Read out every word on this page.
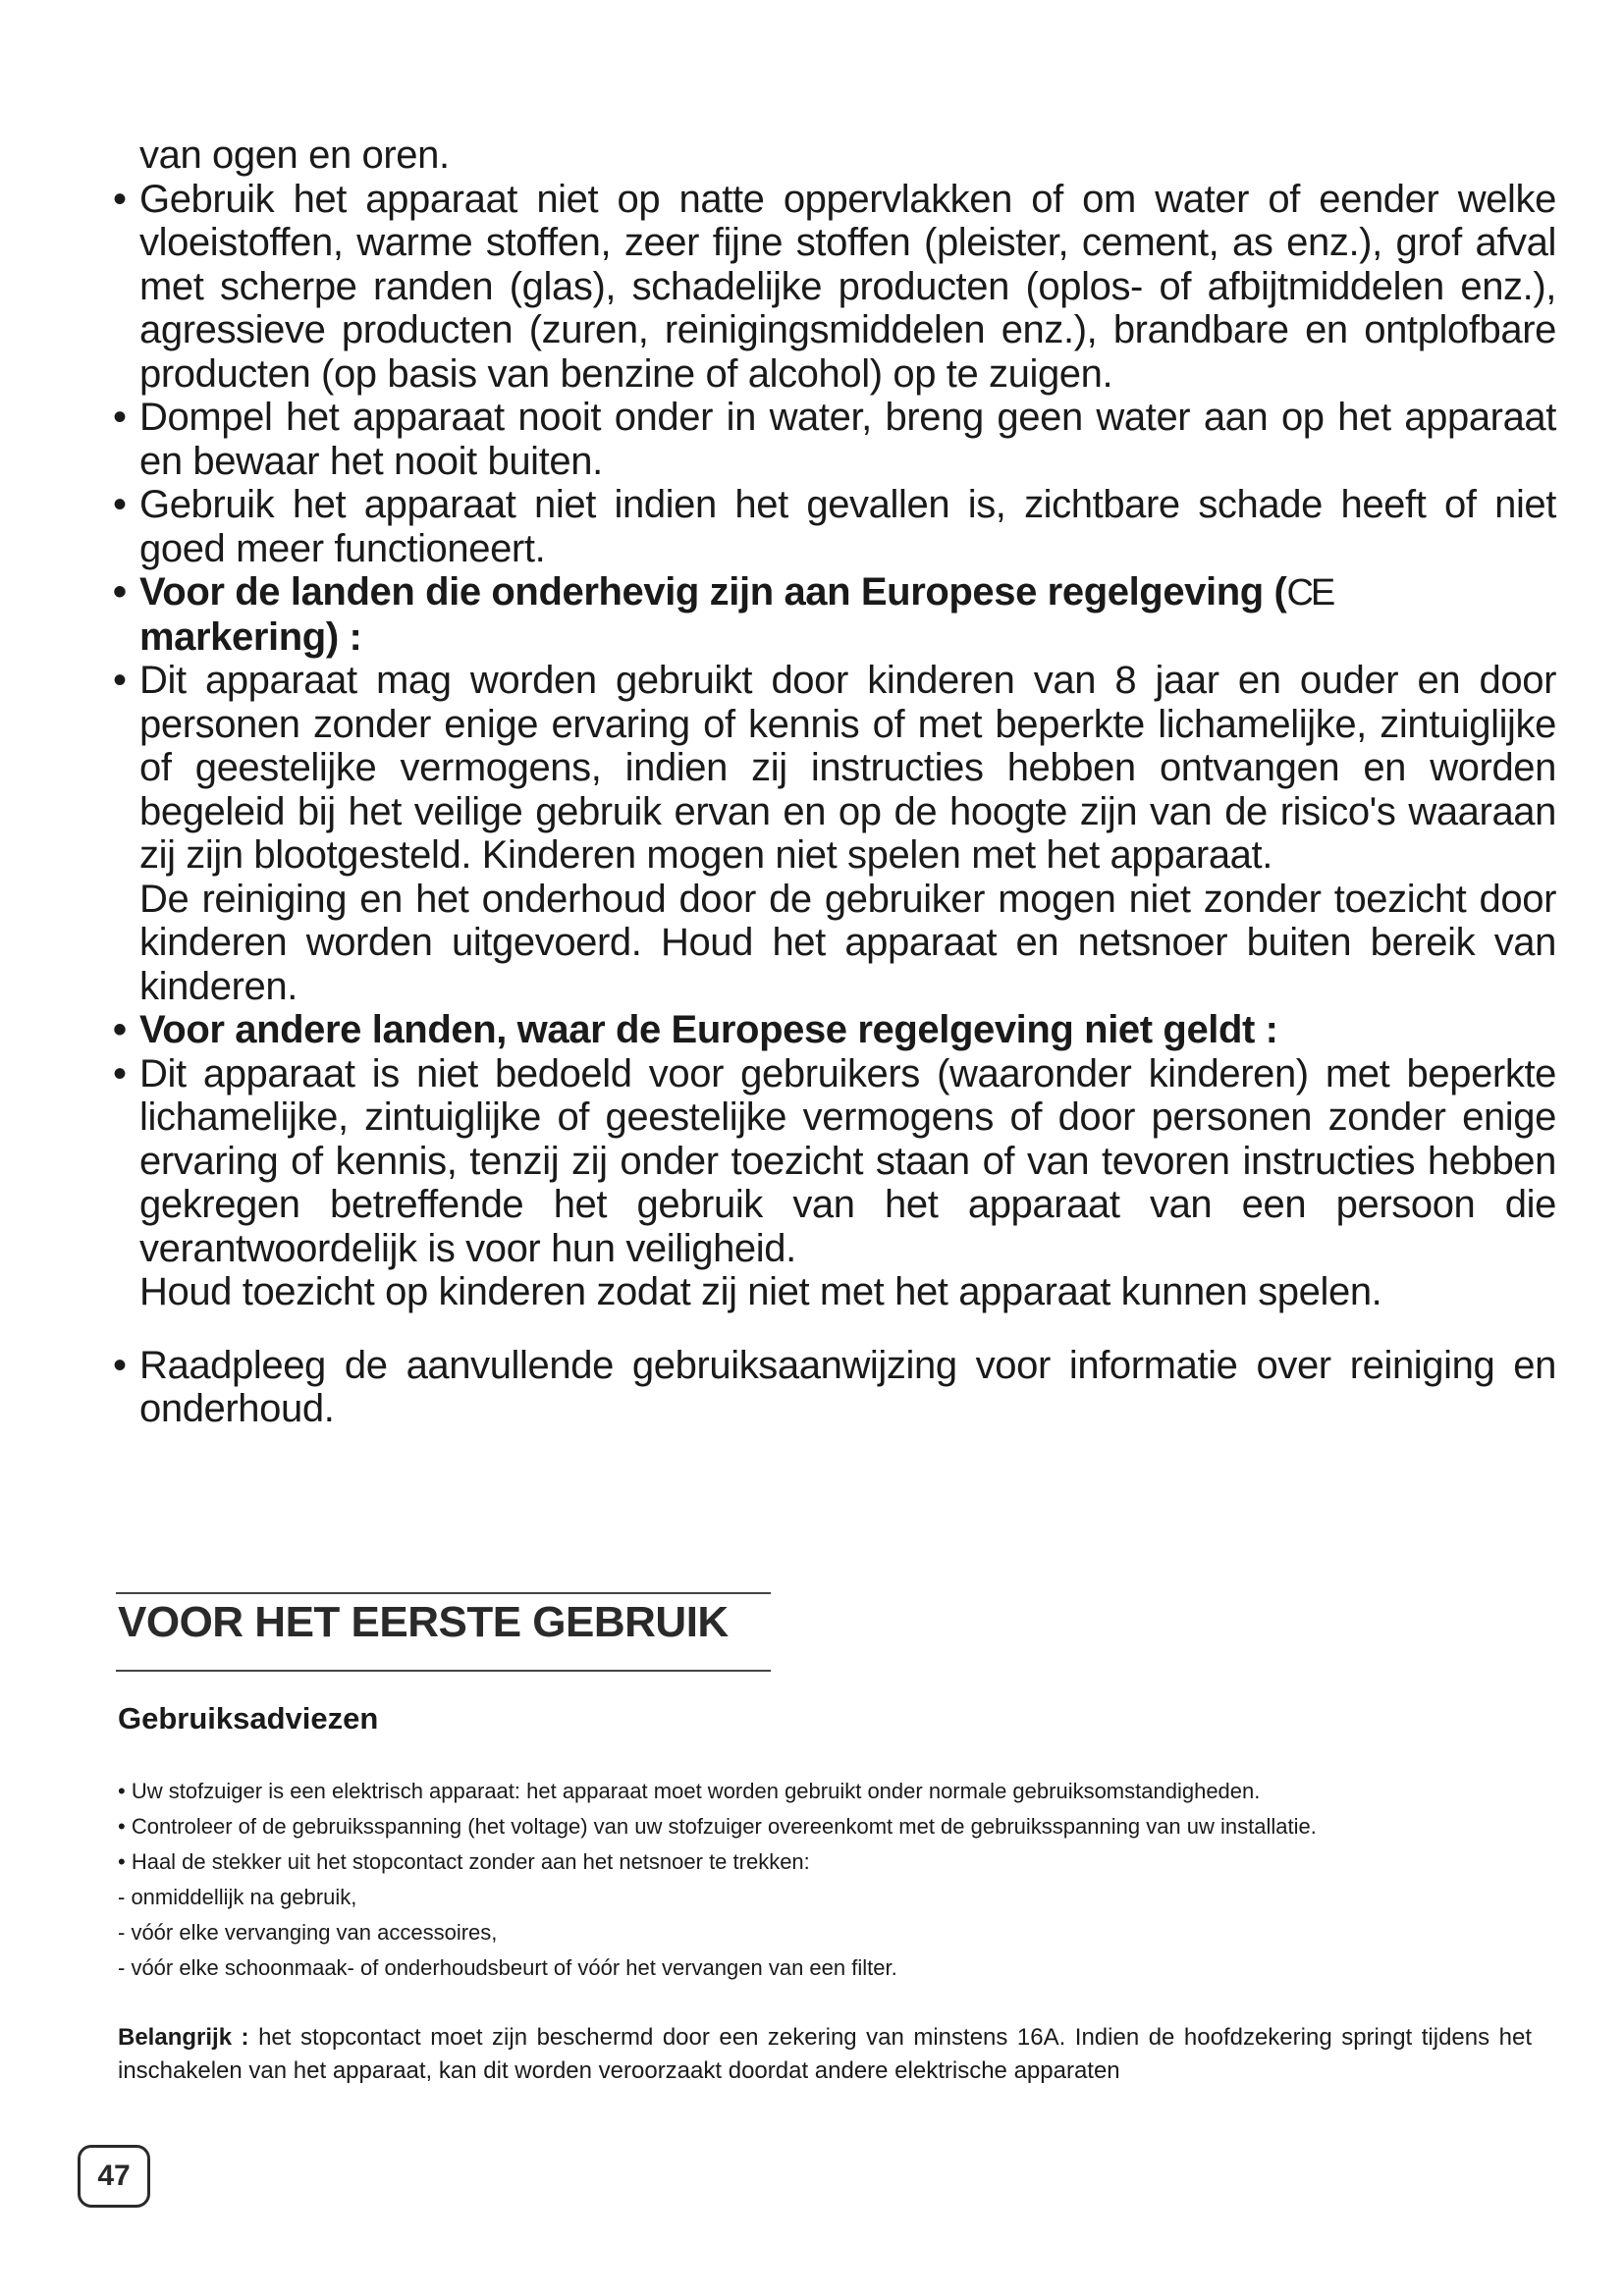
van ogen en oren.
• Gebruik het apparaat niet op natte oppervlakken of om water of eender welke vloeistoffen, warme stoffen, zeer fijne stoffen (pleister, cement, as enz.), grof afval met scherpe randen (glas), schadelijke producten (oplos- of afbijtmiddelen enz.), agressieve producten (zuren, reinigingsmiddelen enz.), brandbare en ontplofbare producten (op basis van benzine of alcohol) op te zuigen.
• Dompel het apparaat nooit onder in water, breng geen water aan op het apparaat en bewaar het nooit buiten.
• Gebruik het apparaat niet indien het gevallen is, zichtbare schade heeft of niet goed meer functioneert.
• Voor de landen die onderhevig zijn aan Europese regelgeving (CE
markering) :
• Dit apparaat mag worden gebruikt door kinderen van 8 jaar en ouder en door personen zonder enige ervaring of kennis of met beperkte lichamelijke, zintuiglijke of geestelijke vermogens, indien zij instructies hebben ontvangen en worden begeleid bij het veilige gebruik ervan en op de hoogte zijn van de risico's waaraan zij zijn blootgesteld. Kinderen mogen niet spelen met het apparaat.
De reiniging en het onderhoud door de gebruiker mogen niet zonder toezicht door kinderen worden uitgevoerd. Houd het apparaat en netsnoer buiten bereik van kinderen.
• Voor andere landen, waar de Europese regelgeving niet geldt :
• Dit apparaat is niet bedoeld voor gebruikers (waaronder kinderen) met beperkte lichamelijke, zintuiglijke of geestelijke vermogens of door personen zonder enige ervaring of kennis, tenzij zij onder toezicht staan of van tevoren instructies hebben gekregen betreffende het gebruik van het apparaat van een persoon die verantwoordelijk is voor hun veiligheid.
Houd toezicht op kinderen zodat zij niet met het apparaat kunnen spelen.
• Raadpleeg de aanvullende gebruiksaanwijzing voor informatie over reiniging en onderhoud.
VOOR HET EERSTE GEBRUIK
Gebruiksadviezen

• Uw stofzuiger is een elektrisch apparaat: het apparaat moet worden gebruikt onder normale gebruiksomstandigheden.

• Controleer of de gebruiksspanning (het voltage) van uw stofzuiger overeenkomt met de gebruiksspanning van uw installatie.

• Haal de stekker uit het stopcontact zonder aan het netsnoer te trekken:

- onmiddellijk na gebruik,

- vóór elke vervanging van accessoires,

- vóór elke schoonmaak- of onderhoudsbeurt of vóór het vervangen van een filter.

Belangrijk : het stopcontact moet zijn beschermd door een zekering van minstens 16A. Indien de hoofdzekering springt tijdens het inschakelen van het apparaat, kan dit worden veroorzaakt doordat andere elektrische apparaten
47
